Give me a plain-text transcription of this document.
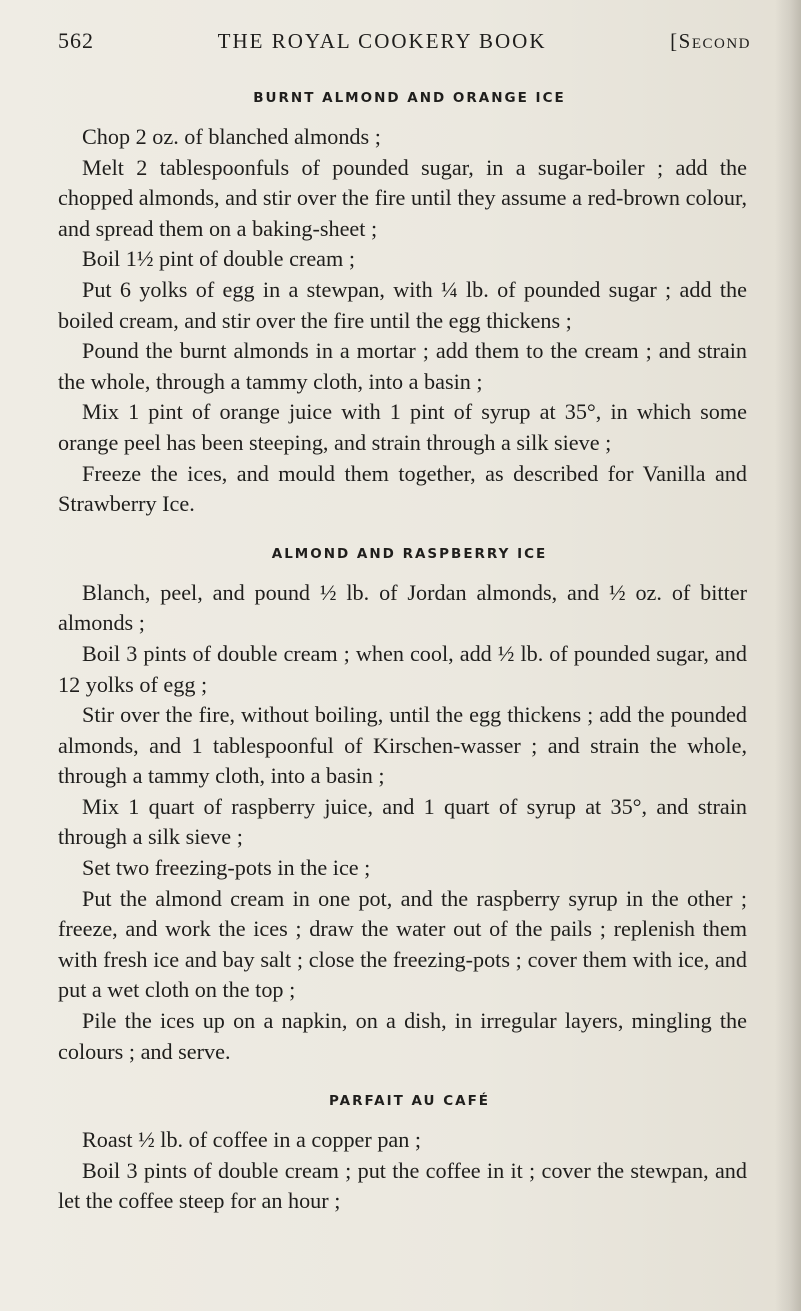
562	THE ROYAL COOKERY BOOK	[Second
BURNT ALMOND AND ORANGE ICE

Chop 2 oz. of blanched almonds ;

Melt 2 tablespoonfuls of pounded sugar, in a sugar-boiler ; add the chopped almonds, and stir over the fire until they assume a red-brown colour, and spread them on a baking-sheet ;

Boil 1½ pint of double cream ;

Put 6 yolks of egg in a stewpan, with ¼ lb. of pounded sugar ; add the boiled cream, and stir over the fire until the egg thickens ;

Pound the burnt almonds in a mortar ; add them to the cream ; and strain the whole, through a tammy cloth, into a basin ;

Mix 1 pint of orange juice with 1 pint of syrup at 35°, in which some orange peel has been steeping, and strain through a silk sieve ;

Freeze the ices, and mould them together, as described for Vanilla and Strawberry Ice.

ALMOND AND RASPBERRY ICE

Blanch, peel, and pound ½ lb. of Jordan almonds, and ½ oz. of bitter almonds ;

Boil 3 pints of double cream ; when cool, add ½ lb. of pounded sugar, and 12 yolks of egg ;

Stir over the fire, without boiling, until the egg thickens ; add the pounded almonds, and 1 tablespoonful of Kirschen-wasser ; and strain the whole, through a tammy cloth, into a basin ;

Mix 1 quart of raspberry juice, and 1 quart of syrup at 35°, and strain through a silk sieve ;

Set two freezing-pots in the ice ;

Put the almond cream in one pot, and the raspberry syrup in the other ; freeze, and work the ices ; draw the water out of the pails ; replenish them with fresh ice and bay salt ; close the freezing-pots ; cover them with ice, and put a wet cloth on the top ;

Pile the ices up on a napkin, on a dish, in irregular layers, mingling the colours ; and serve.

PARFAIT AU CAFÉ

Roast ½ lb. of coffee in a copper pan ;

Boil 3 pints of double cream ; put the coffee in it ; cover the stewpan, and let the coffee steep for an hour ;
